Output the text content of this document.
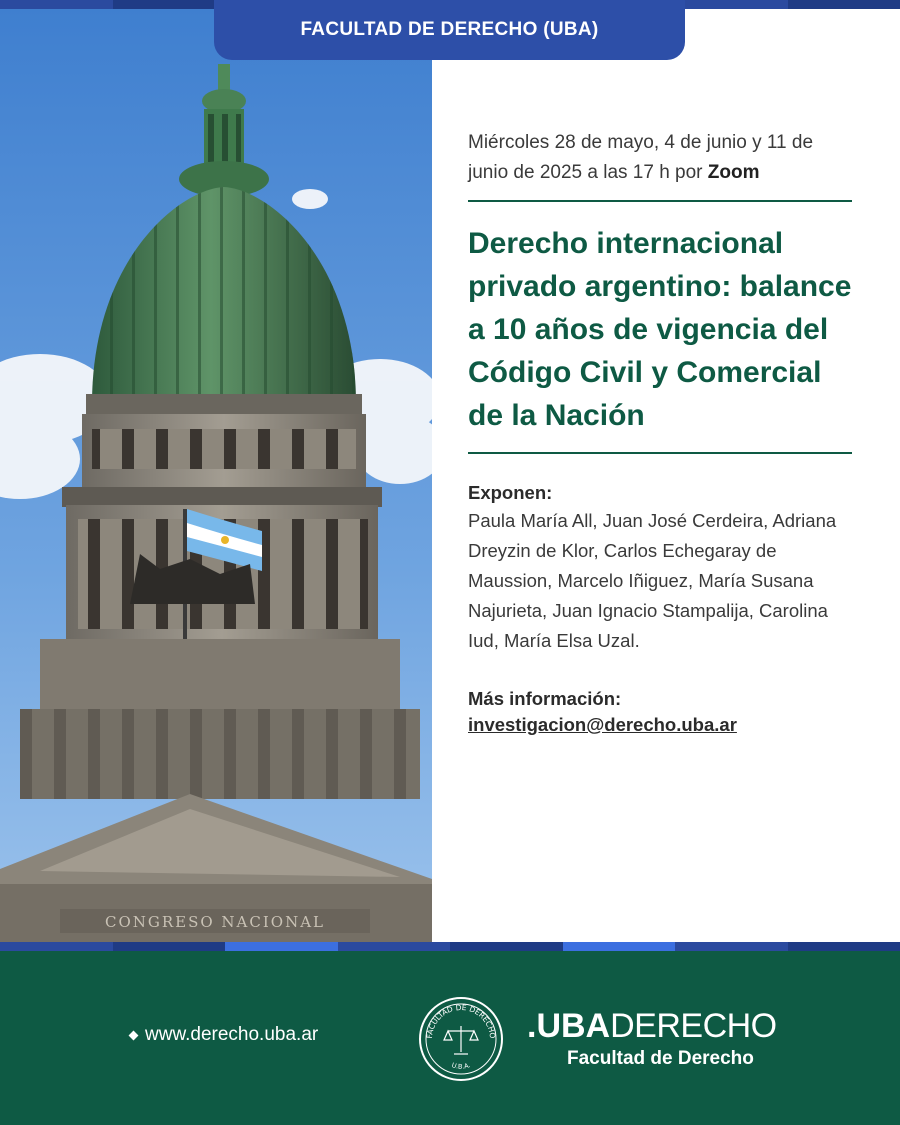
FACULTAD DE DERECHO (UBA)
CONGRESO NACIONAL

Miércoles 28 de mayo, 4 de junio y 11 de junio de 2025 a las 17 h por Zoom

Derecho internacional privado argentino: balance a 10 años de vigencia del Código Civil y Comercial de la Nación

Exponen:

Paula María All, Juan José Cerdeira, Adriana Dreyzin de Klor, Carlos Echegaray de Maussion, Marcelo Iñiguez, María Susana Najurieta, Juan Ignacio Stampalija, Carolina Iud, María Elsa Uzal.

Más información:

investigacion@derecho.uba.ar
www.derecho.uba.ar	FACULTAD DE DERECHO
U.B.A.
.UBADERECHO
Facultad de Derecho
